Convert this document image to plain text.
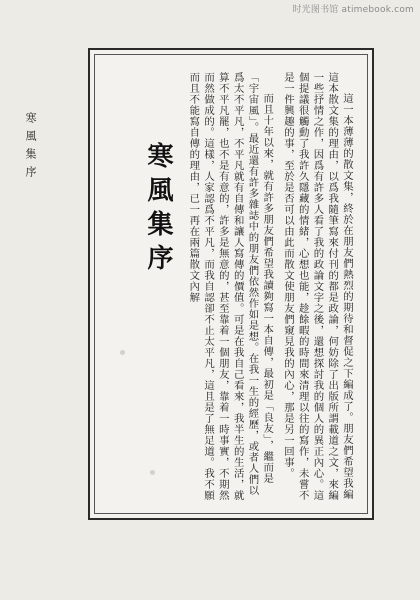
时光图书馆 atimebook.com
寒風集序	這一本薄薄的散文集，終於在朋友們熱烈的期待和督促之下編成了。朋友們希望我編這本散文集的理由，以爲我隨筆寫來付刊的都是政論，何妨除了出版所謂載道之文，來編一些抒情之作，因爲有許多人看了我的政論文字之後，還想探討我的個人的異正內心。這個提議很觸動了我許久隱藏的情緒，心想也能，趁餘暇的時間來清理以往的寫作，未嘗不是一件興趣的事，至於是否可以由此而散文使朋友們窺見我的內心，那是另一回事。

而且十年以來，就有許多朋友們希望我讀夠寫一本自傳，最初是「良友」，繼而是「宇宙風」。最近還有許多雜誌中的朋友們依然作如是想。在我一生的經歷，或者人們以爲太不平凡，不平凡就有自傳和讓人寫傳的價值。可是在我自己看來，我半生的生活，就算不平凡罷，也不是有意的，許多是無意的，甚至靠着一個朋友，靠着一時事實，不期然而然做成的。這樣，人家認爲不平凡，而我自認卻不止太平凡，這且是了無足道。我不願而且不能寫自傳的理由，已一再在兩篇散文內解

寒風集序
